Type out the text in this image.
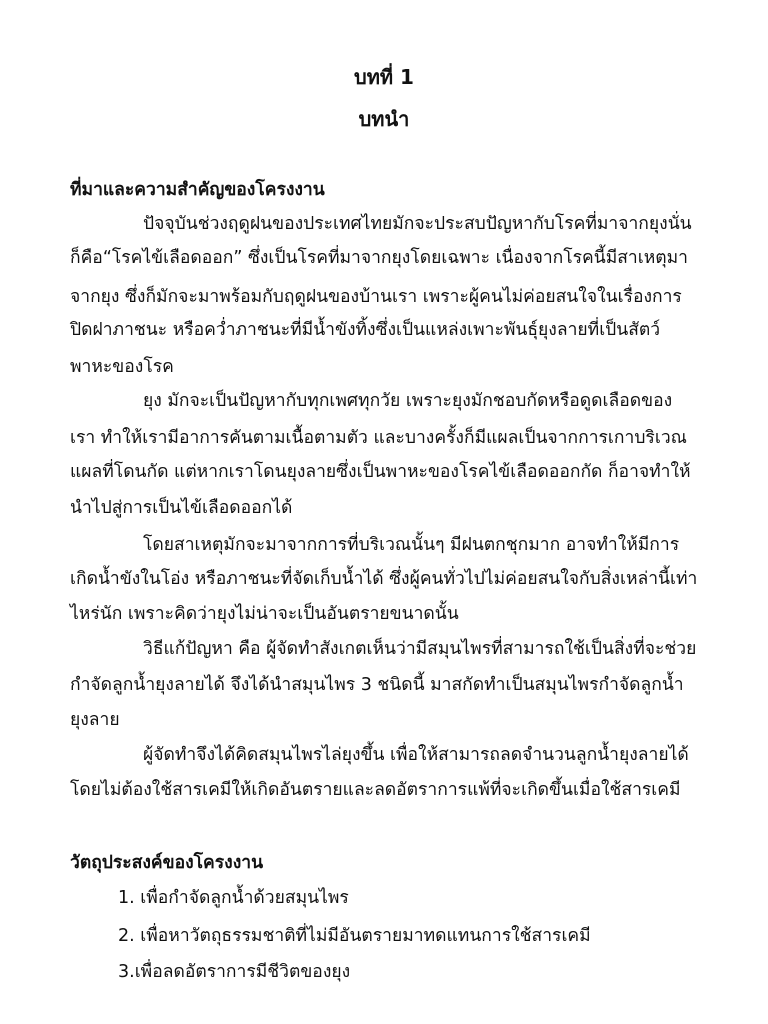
บทที่ 1
บทนำ
ที่มาและความสำคัญของโครงงาน
ปัจจุบันช่วงฤดูฝนของประเทศไทยมักจะประสบปัญหากับโรคที่มาจากยุงนั่น
ก็คือ“โรคไข้เลือดออก” ซึ่งเป็นโรคที่มาจากยุงโดยเฉพาะ เนื่องจากโรคนี้มีสาเหตุมา
จากยุง ซึ่งก็มักจะมาพร้อมกับฤดูฝนของบ้านเรา เพราะผู้คนไม่ค่อยสนใจในเรื่องการ
ปิดฝาภาชนะ หรือคว่ำภาชนะที่มีน้ำขังทิ้งซึ่งเป็นแหล่งเพาะพันธุ์ยุงลายที่เป็นสัตว์
พาหะของโรค
ยุง มักจะเป็นปัญหากับทุกเพศทุกวัย เพราะยุงมักชอบกัดหรือดูดเลือดของ
เรา ทำให้เรามีอาการคันตามเนื้อตามตัว และบางครั้งก็มีแผลเป็นจากการเกาบริเวณ
แผลที่โดนกัด แต่หากเราโดนยุงลายซึ่งเป็นพาหะของโรคไข้เลือดออกกัด ก็อาจทำให้
นำไปสู่การเป็นไข้เลือดออกได้
โดยสาเหตุมักจะมาจากการที่บริเวณนั้นๆ มีฝนตกชุกมาก อาจทำให้มีการ
เกิดน้ำขังในโอ่ง หรือภาชนะที่จัดเก็บน้ำได้ ซึ่งผู้คนทั่วไปไม่ค่อยสนใจกับสิ่งเหล่านี้เท่า
ไหร่นัก เพราะคิดว่ายุงไม่น่าจะเป็นอันตรายขนาดนั้น
วิธีแก้ปัญหา คือ ผู้จัดทำสังเกตเห็นว่ามีสมุนไพรที่สามารถใช้เป็นสิ่งที่จะช่วย
กำจัดลูกน้ำยุงลายได้ จึงได้นำสมุนไพร 3 ชนิดนี้ มาสกัดทำเป็นสมุนไพรกำจัดลูกน้ำ
ยุงลาย
ผู้จัดทำจึงได้คิดสมุนไพรไล่ยุงขึ้น เพื่อให้สามารถลดจำนวนลูกน้ำยุงลายได้
โดยไม่ต้องใช้สารเคมีให้เกิดอันตรายและลดอัตราการแพ้ที่จะเกิดขึ้นเมื่อใช้สารเคมี
วัตถุประสงค์ของโครงงาน
1. เพื่อกำจัดลูกน้ำด้วยสมุนไพร
2. เพื่อหาวัตถุธรรมชาติที่ไม่มีอันตรายมาทดแทนการใช้สารเคมี
3.เพื่อลดอัตราการมีชีวิตของยุง
